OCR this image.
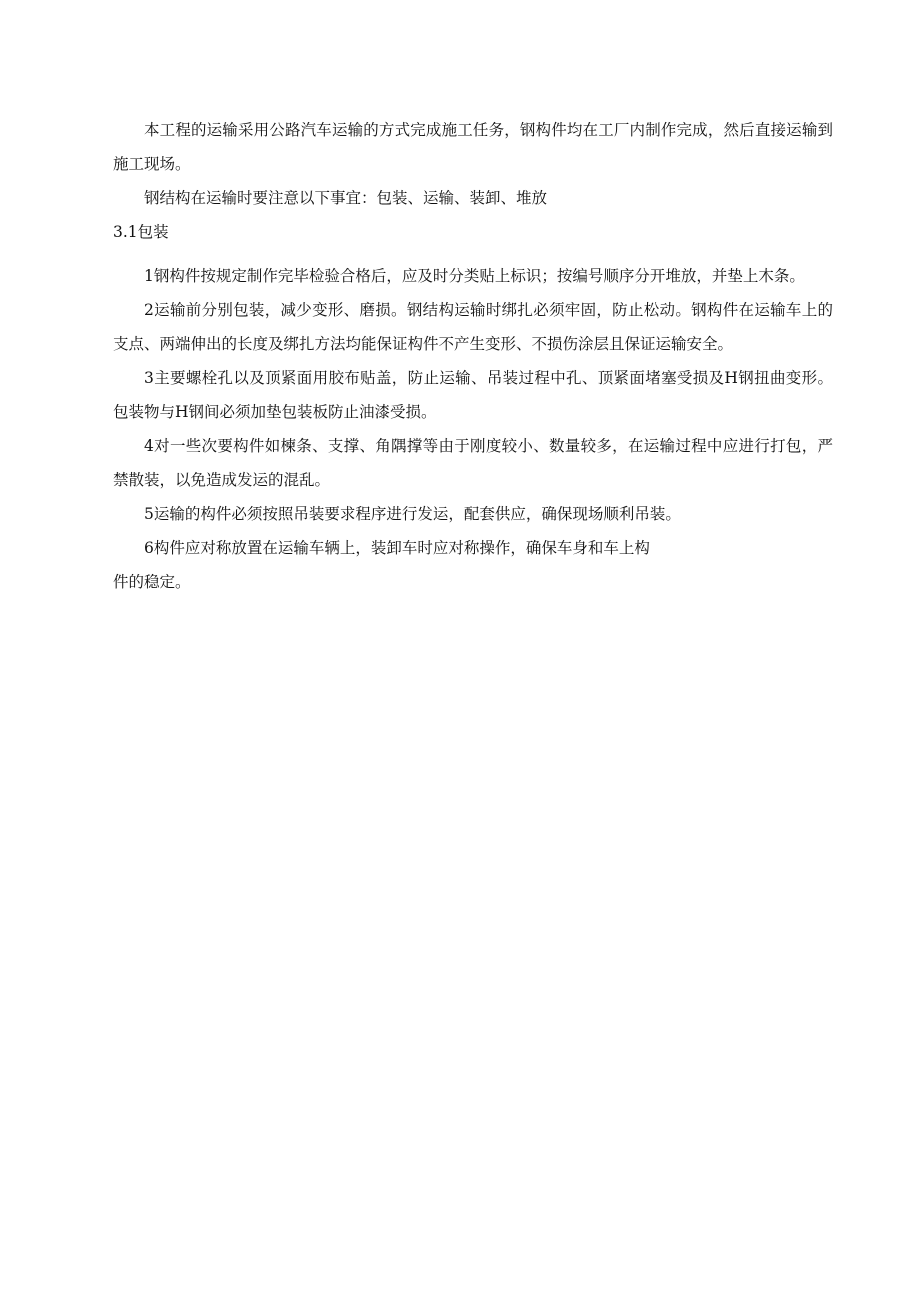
本工程的运输采用公路汽车运输的方式完成施工任务，钢构件均在工厂内制作完成，然后直接运输到施工现场。

钢结构在运输时要注意以下事宜：包装、运输、装卸、堆放

3.1包装

1钢构件按规定制作完毕检验合格后，应及时分类贴上标识；按编号顺序分开堆放，并垫上木条。

2运输前分别包装，减少变形、磨损。钢结构运输时绑扎必须牢固，防止松动。钢构件在运输车上的支点、两端伸出的长度及绑扎方法均能保证构件不产生变形、不损伤涂层且保证运输安全。

3主要螺栓孔以及顶紧面用胶布贴盖，防止运输、吊装过程中孔、顶紧面堵塞受损及H钢扭曲变形。包装物与H钢间必须加垫包装板防止油漆受损。

4对一些次要构件如楝条、支撑、角隅撑等由于刚度较小、数量较多，在运输过程中应进行打包，严禁散装，以免造成发运的混乱。

5运输的构件必须按照吊装要求程序进行发运，配套供应，确保现场顺利吊装。

6构件应对称放置在运输车辆上，装卸车时应对称操作，确保车身和车上构

件的稳定。
